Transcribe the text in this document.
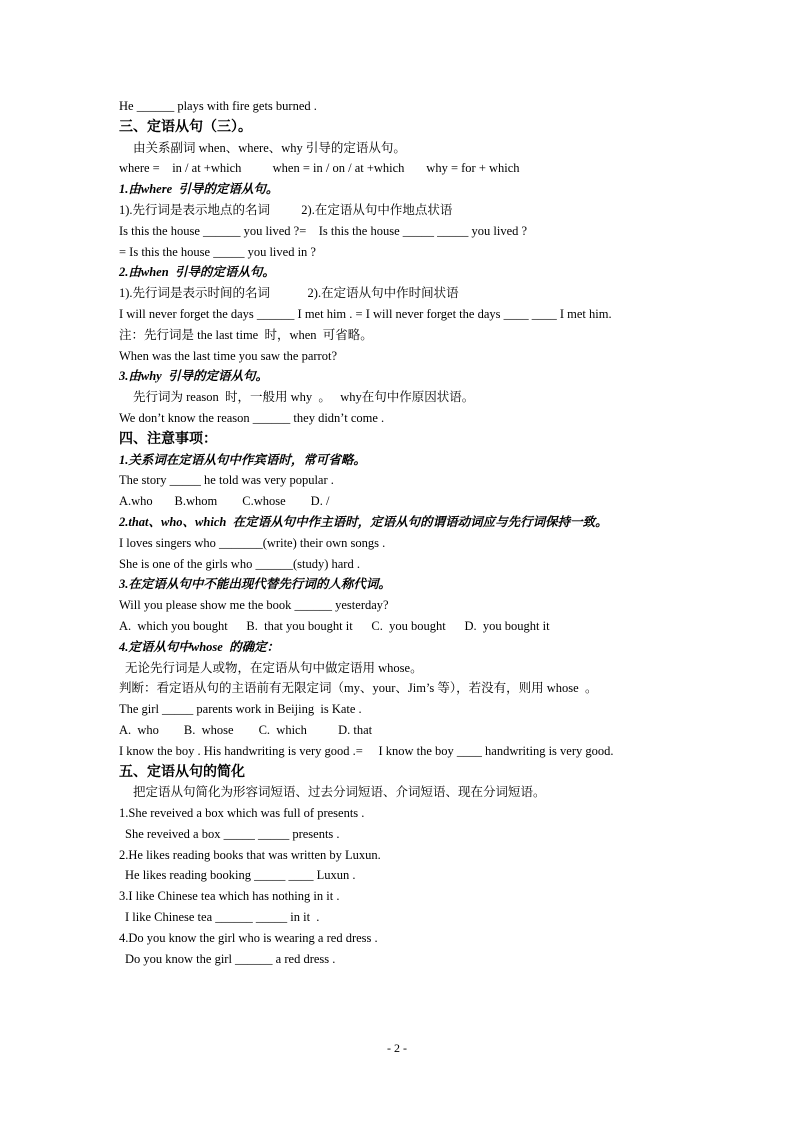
He ______ plays with fire gets burned .
三、定语从句（三）。
由关系副词 when、where、why 引导的定语从句。
where =    in / at +which          when = in / on / at +which       why = for + which
1.由where  引导的定语从句。
1).先行词是表示地点的名词          2).在定语从句中作地点状语
Is this the house ______ you lived ?=    Is this the house _____ _____ you lived ?
= Is this the house _____ you lived in ?
2.由when  引导的定语从句。
1).先行词是表示时间的名词            2).在定语从句中作时间状语
I will never forget the days ______ I met him . = I will never forget the days ____ ____ I met him.
注：先行词是 the last time  时，when  可省略。
When was the last time you saw the parrot?
3.由why  引导的定语从句。
先行词为 reason  时，一般用 why  。   why在句中作原因状语。
We don’t know the reason ______ they didn’t come .
四、注意事项：
1.关系词在定语从句中作宾语时，常可省略。
The story _____ he told was very popular .
A.who       B.whom        C.whose        D. /
2.that、who、which  在定语从句中作主语时，定语从句的谓语动词应与先行词保持一致。
I loves singers who _______(write) their own songs .
She is one of the girls who ______(study) hard .
3.在定语从句中不能出现代替先行词的人称代词。
Will you please show me the book ______ yesterday?
A.  which you bought      B.  that you bought it      C.  you bought      D.  you bought it
4.定语从句中whose  的确定：
无论先行词是人或物，在定语从句中做定语用 whose。
判断：看定语从句的主语前有无限定词（my、your、Jim’s 等），若没有，则用 whose  。
The girl _____ parents work in Beijing  is Kate .
A.  who        B.  whose        C.  which          D. that
I know the boy . His handwriting is very good .=     I know the boy ____ handwriting is very good.
五、定语从句的简化
把定语从句简化为形容词短语、过去分词短语、介词短语、现在分词短语。
1.She reveived a box which was full of presents .
She reveived a box _____ _____ presents .
2.He likes reading books that was written by Luxun.
He likes reading booking _____ ____ Luxun .
3.I like Chinese tea which has nothing in it .
I like Chinese tea ______ _____ in it  .
4.Do you know the girl who is wearing a red dress .
Do you know the girl ______ a red dress .
- 2 -
